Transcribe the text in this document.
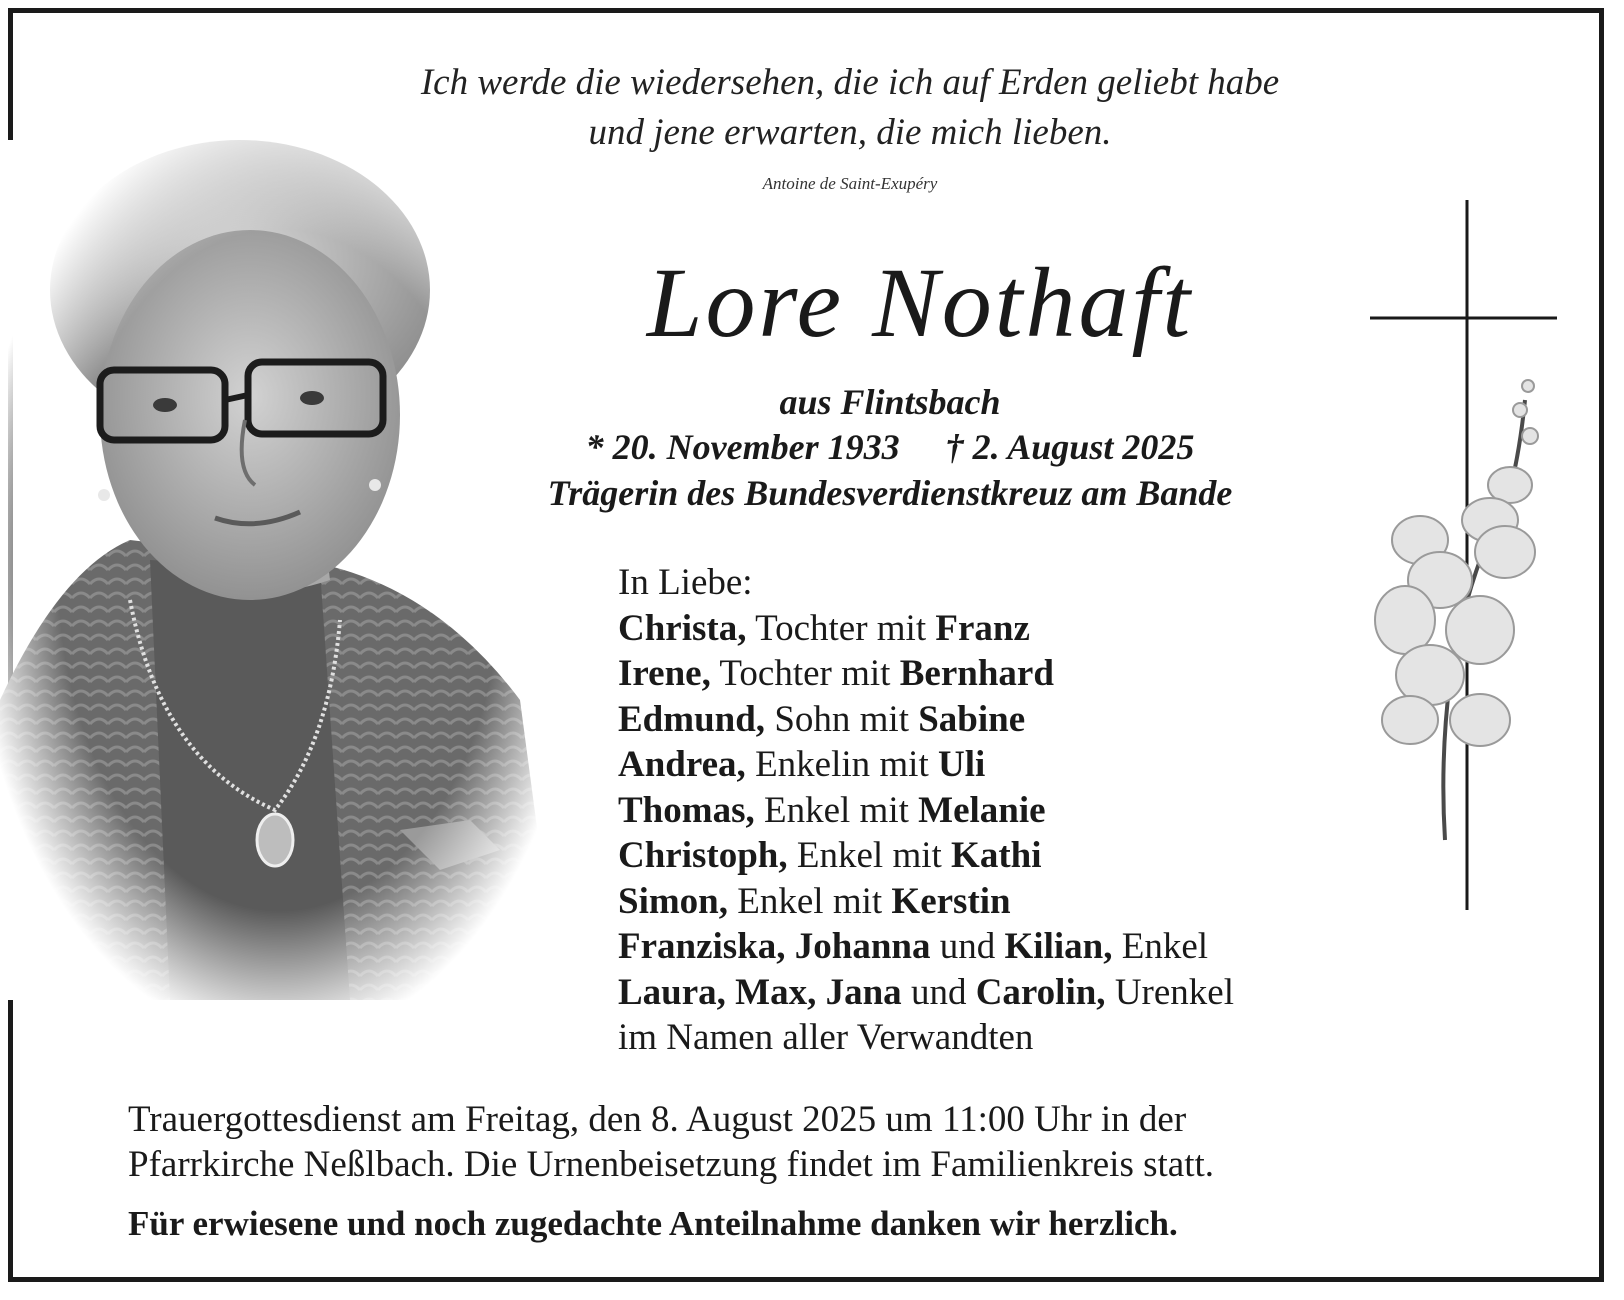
Ich werde die wiedersehen, die ich auf Erden geliebt habe
und jene erwarten, die mich lieben.
Antoine de Saint-Exupéry
Lore Nothaft
aus Flintsbach
* 20. November 1933 † 2. August 2025
Trägerin des Bundesverdienstkreuz am Bande
In Liebe:
Christa, Tochter mit Franz
Irene, Tochter mit Bernhard
Edmund, Sohn mit Sabine
Andrea, Enkelin mit Uli
Thomas, Enkel mit Melanie
Christoph, Enkel mit Kathi
Simon, Enkel mit Kerstin
Franziska, Johanna und Kilian, Enkel
Laura, Max, Jana und Carolin, Urenkel
im Namen aller Verwandten
Trauergottesdienst am Freitag, den 8. August 2025 um 11:00 Uhr in der
Pfarrkirche Neßlbach. Die Urnenbeisetzung findet im Familienkreis statt.
Für erwiesene und noch zugedachte Anteilnahme danken wir herzlich.
